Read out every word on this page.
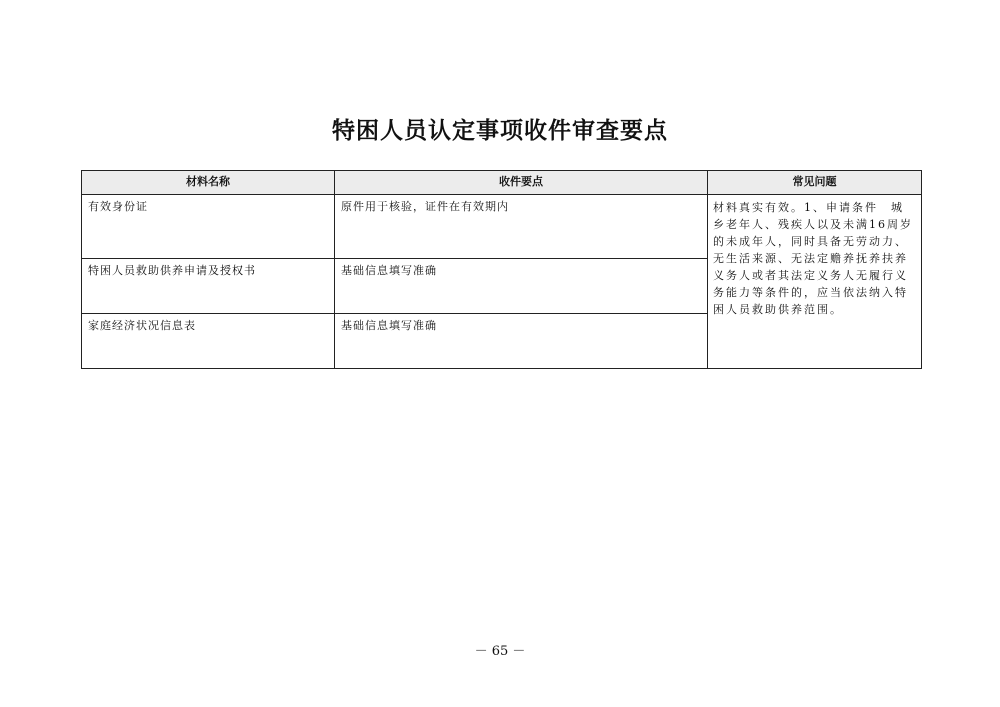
特困人员认定事项收件审查要点
材料名称	收件要点	常见问题
有效身份证	原件用于核验，证件在有效期内	材料真实有效。1、申请条件　城乡老年人、残疾人以及未满16周岁的未成年人，同时具备无劳动力、无生活来源、无法定赡养抚养扶养义务人或者其法定义务人无履行义务能力等条件的，应当依法纳入特困人员救助供养范围。
特困人员救助供养申请及授权书	基础信息填写准确	
家庭经济状况信息表	基础信息填写准确	
－ 65 －
